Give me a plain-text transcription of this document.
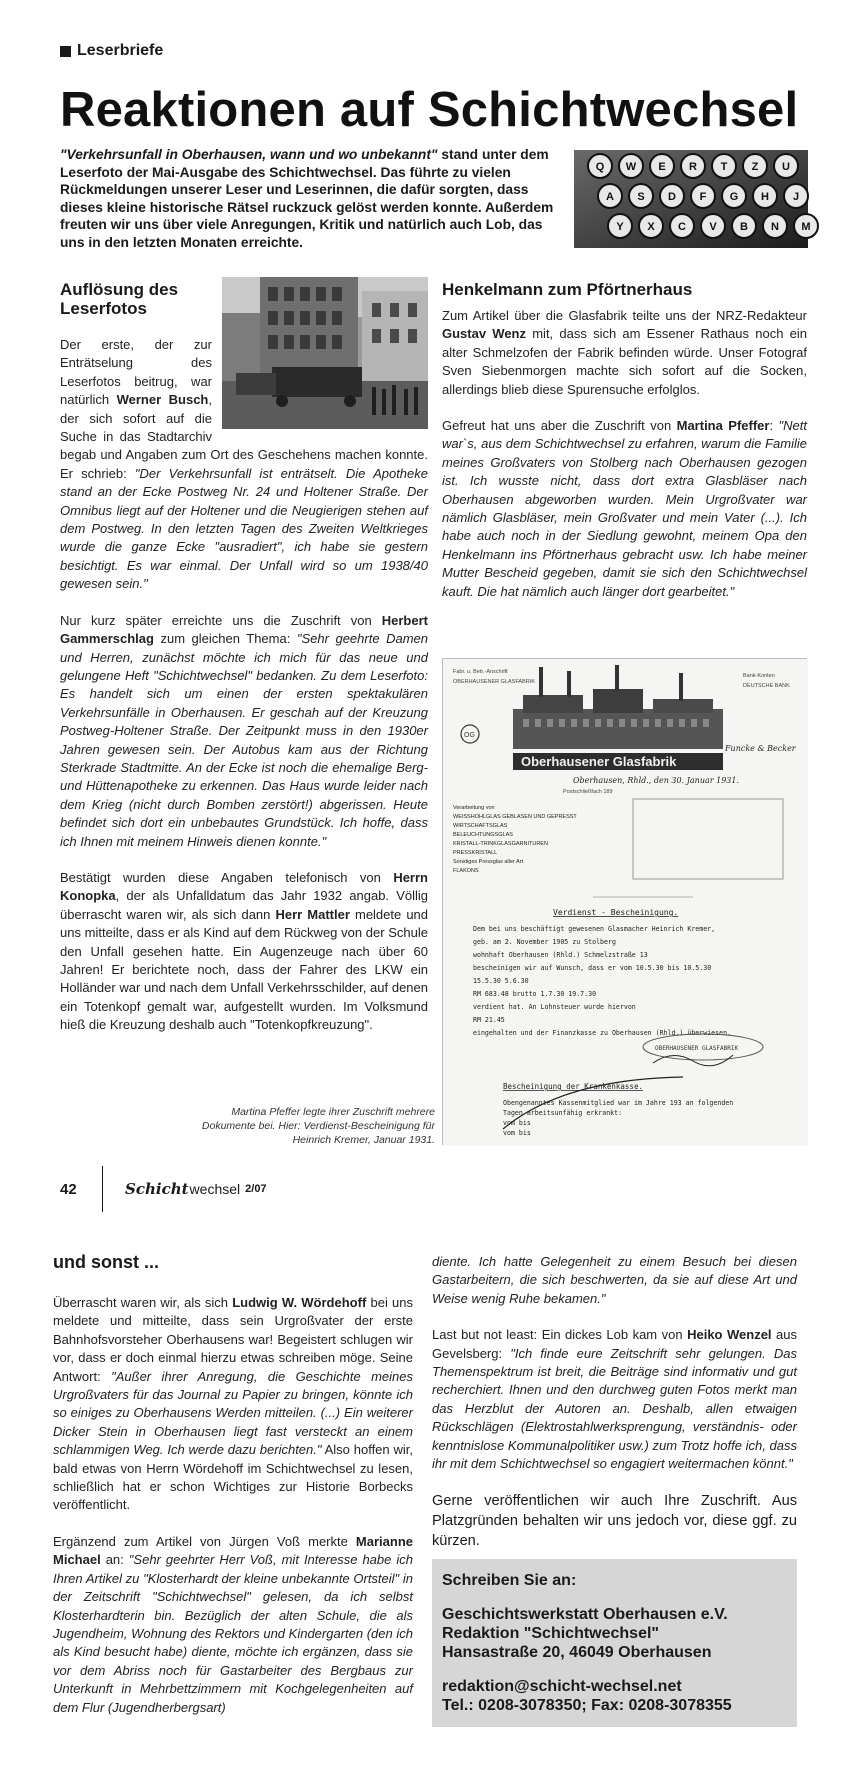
Leserbriefe
Reaktionen auf Schichtwechsel
"Verkehrsunfall in Oberhausen, wann und wo unbekannt" stand unter dem Leserfoto der Mai-Ausgabe des Schichtwechsel. Das führte zu vielen Rückmeldungen unserer Leser und Leserinnen, die dafür sorgten, dass dieses kleine historische Rätsel ruckzuck gelöst werden konnte. Außerdem freuten wir uns über viele Anregungen, Kritik und natürlich auch Lob, das uns in den letzten Monaten erreichte.
Q W E R T Z U
A S D F G H J
Y X C V B N M
Auflösung des Leserfotos

Der erste, der zur Enträtselung des Leserfotos beitrug, war natürlich Werner Busch, der sich sofort auf die Suche in das Stadtarchiv begab und Angaben zum Ort des Geschehens machen konnte. Er schrieb: "Der Verkehrsunfall ist enträtselt. Die Apotheke stand an der Ecke Postweg Nr. 24 und Holtener Straße. Der Omnibus liegt auf der Holtener und die Neugierigen stehen auf dem Postweg. In den letzten Tagen des Zweiten Weltkrieges wurde die ganze Ecke "ausradiert", ich habe sie gestern besichtigt. Es war einmal. Der Unfall wird so um 1938/40 gewesen sein."

Nur kurz später erreichte uns die Zuschrift von Herbert Gammerschlag zum gleichen Thema: "Sehr geehrte Damen und Herren, zunächst möchte ich mich für das neue und gelungene Heft "Schichtwechsel" bedanken. Zu dem Leserfoto: Es handelt sich um einen der ersten spektakulären Verkehrsunfälle in Oberhausen. Er geschah auf der Kreuzung Postweg-Holtener Straße. Der Zeitpunkt muss in den 1930er Jahren gewesen sein. Der Autobus kam aus der Richtung Sterkrade Stadtmitte. An der Ecke ist noch die ehemalige Berg- und Hüttenapotheke zu erkennen. Das Haus wurde leider nach dem Krieg (nicht durch Bomben zerstört!) abgerissen. Heute befindet sich dort ein unbebautes Grundstück. Ich hoffe, dass ich Ihnen mit meinem Hinweis dienen konnte."

Bestätigt wurden diese Angaben telefonisch von Herrn Konopka, der als Unfalldatum das Jahr 1932 angab. Völlig überrascht waren wir, als sich dann Herr Mattler meldete und uns mitteilte, dass er als Kind auf dem Rückweg von der Schule den Unfall gesehen hatte. Ein Augenzeuge nach über 60 Jahren! Er berichtete noch, dass der Fahrer des LKW ein Holländer war und nach dem Unfall Verkehrsschilder, auf denen ein Totenkopf gemalt war, aufgestellt wurden. Im Volksmund hieß die Kreuzung deshalb auch "Totenkopfkreuzung".

Henkelmann zum Pförtnerhaus

Zum Artikel über die Glasfabrik teilte uns der NRZ-Redakteur Gustav Wenz mit, dass sich am Essener Rathaus noch ein alter Schmelzofen der Fabrik befinden würde. Unser Fotograf Sven Siebenmorgen machte sich sofort auf die Socken, allerdings blieb diese Spurensuche erfolglos.

Gefreut hat uns aber die Zuschrift von Martina Pfeffer: "Nett war`s, aus dem Schichtwechsel zu erfahren, warum die Familie meines Großvaters von Stolberg nach Oberhausen gezogen ist. Ich wusste nicht, dass dort extra Glasbläser nach Oberhausen abgeworben wurden. Mein Urgroßvater war nämlich Glasbläser, mein Großvater und mein Vater (...). Ich habe auch noch in der Siedlung gewohnt, meinem Opa den Henkelmann ins Pförtnerhaus gebracht usw. Ich habe meiner Mutter Bescheid gegeben, damit sie sich den Schichtwechsel kauft. Die hat nämlich auch länger dort gearbeitet."

Fabr. u. Betr.-Anschrift
OBERHAUSENER GLASFABRIK
Bank-Konten
DEUTSCHE BANK
OG
Oberhausener Glasfabrik
Funcke & Becker
Oberhausen, Rhld., den 30. Januar 1931.
Postschließfach 189
Verarbeitung von
WEISSHOHLGLAS GEBLASEN UND GEPRESST
WIRTSCHAFTSGLAS
BELEUCHTUNGSGLAS
KRISTALL-TRINKGLASGARNITUREN
PRESSKRISTALL
Sonstiges Pressglas aller Art
FLAKONS
Verdienst - Bescheinigung.
Dem bei uns beschäftigt gewesenen Glasmacher Heinrich Kremer,
geb. am 2. November 1905 zu Stolberg
wohnhaft Oberhausen (Rhld.) Schmelzstraße 13
bescheinigen wir auf Wunsch, dass er vom 10.5.30 bis 10.5.30
15.5.30 5.6.30
RM 683.48 brutto 1.7.30 19.7.30
verdient hat. An Lohnsteuer wurde hiervon
RM 21.45
eingehalten und der Finanzkasse zu Oberhausen (Rhld.) überwiesen.
OBERHAUSENER GLASFABRIK
Bescheinigung der Krankenkasse.
Obengenanntes Kassenmitglied war im Jahre 193 an folgenden
Tagen arbeitsunfähig erkrankt:
vom bis
vom bis
Martina Pfeffer legte ihrer Zuschrift mehrere Dokumente bei. Hier: Verdienst-Bescheinigung für Heinrich Kremer, Januar 1931.
42	Schicht wechsel 2/07
und sonst ...

Überrascht waren wir, als sich Ludwig W. Wördehoff bei uns meldete und mitteilte, dass sein Urgroßvater der erste Bahnhofsvorsteher Oberhausens war! Begeistert schlugen wir vor, dass er doch einmal hierzu etwas schreiben möge. Seine Antwort: "Außer ihrer Anregung, die Geschichte meines Urgroßvaters für das Journal zu Papier zu bringen, könnte ich so einiges zu Oberhausens Werden mitteilen. (...) Ein weiterer Dicker Stein in Oberhausen liegt fast versteckt an einem schlammigen Weg. Ich werde dazu berichten." Also hoffen wir, bald etwas von Herrn Wördehoff im Schichtwechsel zu lesen, schließlich hat er schon Wichtiges zur Historie Borbecks veröffentlicht.

Ergänzend zum Artikel von Jürgen Voß merkte Marianne Michael an: "Sehr geehrter Herr Voß, mit Interesse habe ich Ihren Artikel zu "Klosterhardt der kleine unbekannte Ortsteil" in der Zeitschrift "Schichtwechsel" gelesen, da ich selbst Klosterhardterin bin. Bezüglich der alten Schule, die als Jugendheim, Wohnung des Rektors und Kindergarten (den ich als Kind besucht habe) diente, möchte ich ergänzen, dass sie vor dem Abriss noch für Gastarbeiter des Bergbaus zur Unterkunft in Mehrbettzimmern mit Kochgelegenheiten auf dem Flur (Jugendherbergsart)

diente. Ich hatte Gelegenheit zu einem Besuch bei diesen Gastarbeitern, die sich beschwerten, da sie auf diese Art und Weise wenig Ruhe bekamen."

Last but not least: Ein dickes Lob kam von Heiko Wenzel aus Gevelsberg: "Ich finde eure Zeitschrift sehr gelungen. Das Themenspektrum ist breit, die Beiträge sind informativ und gut recherchiert. Ihnen und den durchweg guten Fotos merkt man das Herzblut der Autoren an. Deshalb, allen etwaigen Rückschlägen (Elektrostahlwerksprengung, verständnis- oder kenntnislose Kommunalpolitiker usw.) zum Trotz hoffe ich, dass ihr mit dem Schichtwechsel so engagiert weitermachen könnt."

Gerne veröffentlichen wir auch Ihre Zuschrift. Aus Platzgründen behalten wir uns jedoch vor, diese ggf. zu kürzen.

Schreiben Sie an:
Geschichtswerkstatt Oberhausen e.V.
Redaktion "Schichtwechsel"
Hansastraße 20, 46049 Oberhausen
redaktion@schicht-wechsel.net
Tel.: 0208-3078350; Fax: 0208-3078355
